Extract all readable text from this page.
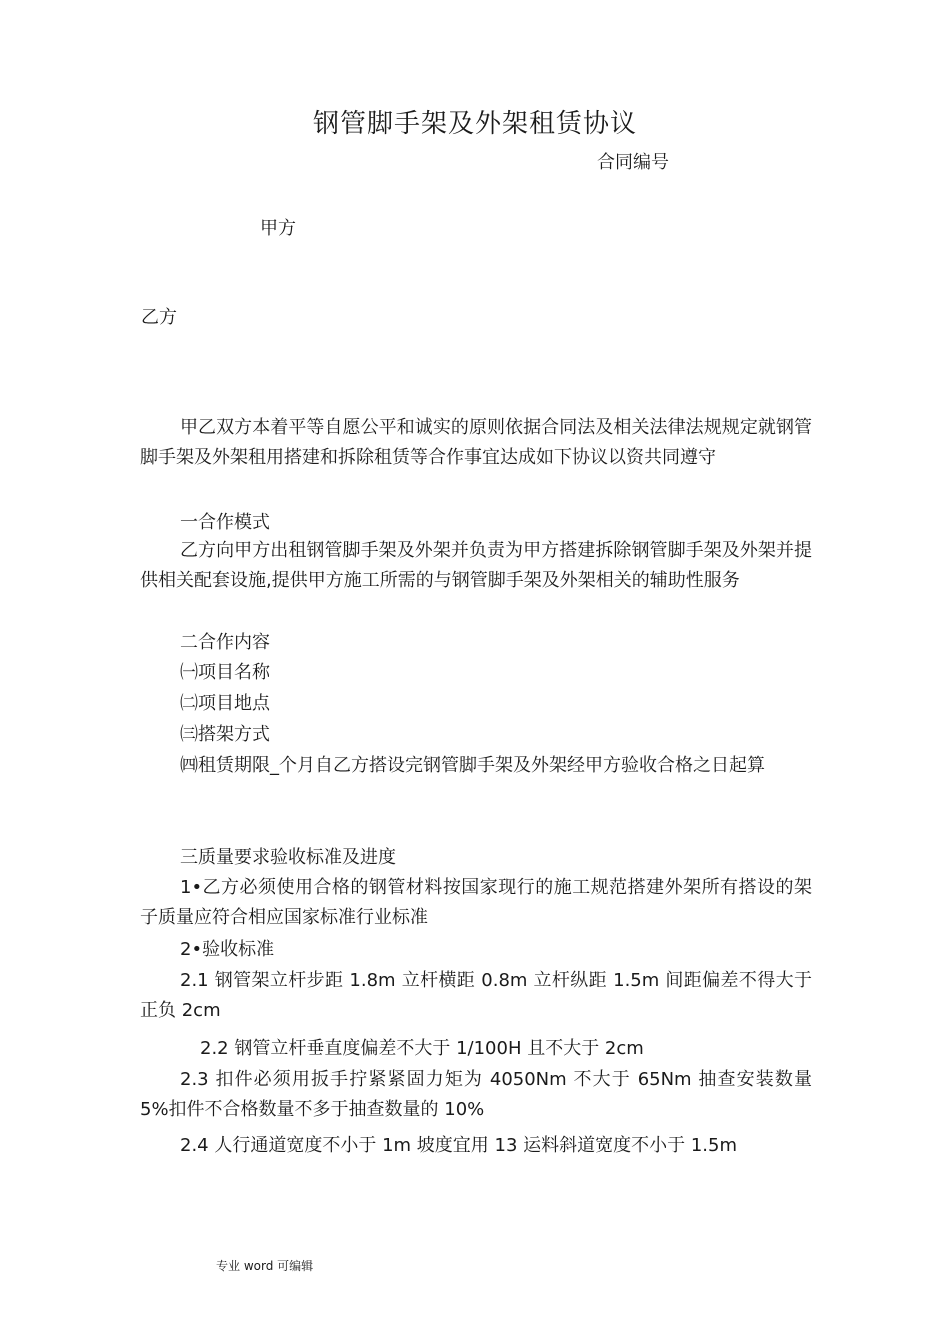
钢管脚手架及外架租赁协议
合同编号
甲方
乙方
甲乙双方本着平等自愿公平和诚实的原则依据合同法及相关法律法规规定就钢管脚手架及外架租用搭建和拆除租赁等合作事宜达成如下协议以资共同遵守
一合作模式
乙方向甲方出租钢管脚手架及外架并负责为甲方搭建拆除钢管脚手架及外架并提供相关配套设施,提供甲方施工所需的与钢管脚手架及外架相关的辅助性服务
二合作内容
㈠项目名称
㈡项目地点
㈢搭架方式
㈣租赁期限_个月自乙方搭设完钢管脚手架及外架经甲方验收合格之日起算
三质量要求验收标准及进度
1•乙方必须使用合格的钢管材料按国家现行的施工规范搭建外架所有搭设的架子质量应符合相应国家标准行业标准
2•验收标准
2.1 钢管架立杆步距 1.8m 立杆横距 0.8m 立杆纵距 1.5m 间距偏差不得大于正负 2cm
2.2 钢管立杆垂直度偏差不大于 1/100H 且不大于 2cm
2.3 扣件必须用扳手拧紧紧固力矩为 4050Nm 不大于 65Nm 抽查安装数量 5%扣件不合格数量不多于抽查数量的 10%
2.4 人行通道宽度不小于 1m 坡度宜用 13 运料斜道宽度不小于 1.5m
专业 word 可编辑
